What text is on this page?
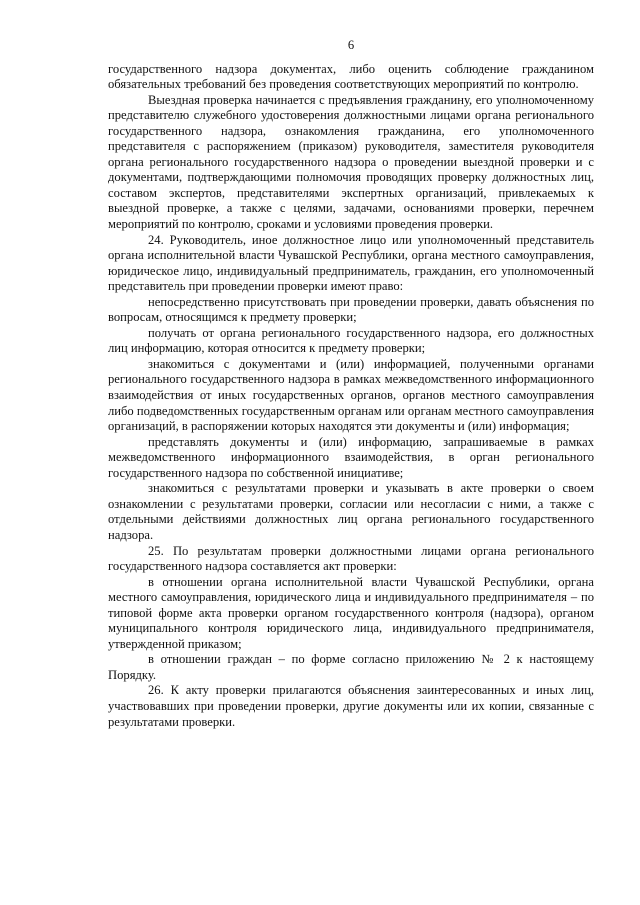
6

государственного надзора документах, либо оценить соблюдение гражданином обязательных требований без проведения соответствующих мероприятий по контролю.

Выездная проверка начинается с предъявления гражданину, его уполномоченному представителю служебного удостоверения должностными лицами органа регионального государственного надзора, ознакомления гражданина, его уполномоченного представителя с распоряжением (приказом) руководителя, заместителя руководителя органа регионального государственного надзора о проведении выездной проверки и с документами, подтверждающими полномочия проводящих проверку должностных лиц, составом экспертов, представителями экспертных организаций, привлекаемых к выездной проверке, а также с целями, задачами, основаниями проверки, перечнем мероприятий по контролю, сроками и условиями проведения проверки.

24. Руководитель, иное должностное лицо или уполномоченный представитель органа исполнительной власти Чувашской Республики, органа местного самоуправления, юридическое лицо, индивидуальный предприниматель, гражданин, его уполномоченный представитель при проведении проверки имеют право:

непосредственно присутствовать при проведении проверки, давать объяснения по вопросам, относящимся к предмету проверки;

получать от органа регионального государственного надзора, его должностных лиц информацию, которая относится к предмету проверки;

знакомиться с документами и (или) информацией, полученными органами регионального государственного надзора в рамках межведомственного информационного взаимодействия от иных государственных органов, органов местного самоуправления либо подведомственных государственным органам или органам местного самоуправления организаций, в распоряжении которых находятся эти документы и (или) информация;

представлять документы и (или) информацию, запрашиваемые в рамках межведомственного информационного взаимодействия, в орган регионального государственного надзора по собственной инициативе;

знакомиться с результатами проверки и указывать в акте проверки о своем ознакомлении с результатами проверки, согласии или несогласии с ними, а также с отдельными действиями должностных лиц органа регионального государственного надзора.

25. По результатам проверки должностными лицами органа регионального государственного надзора составляется акт проверки:

в отношении органа исполнительной власти Чувашской Республики, органа местного самоуправления, юридического лица и индивидуального предпринимателя – по типовой форме акта проверки органом государственного контроля (надзора), органом муниципального контроля юридического лица, индивидуального предпринимателя, утвержденной приказом;

в отношении граждан – по форме согласно приложению № 2 к настоящему Порядку.

26. К акту проверки прилагаются объяснения заинтересованных и иных лиц, участвовавших при проведении проверки, другие документы или их копии, связанные с результатами проверки.
